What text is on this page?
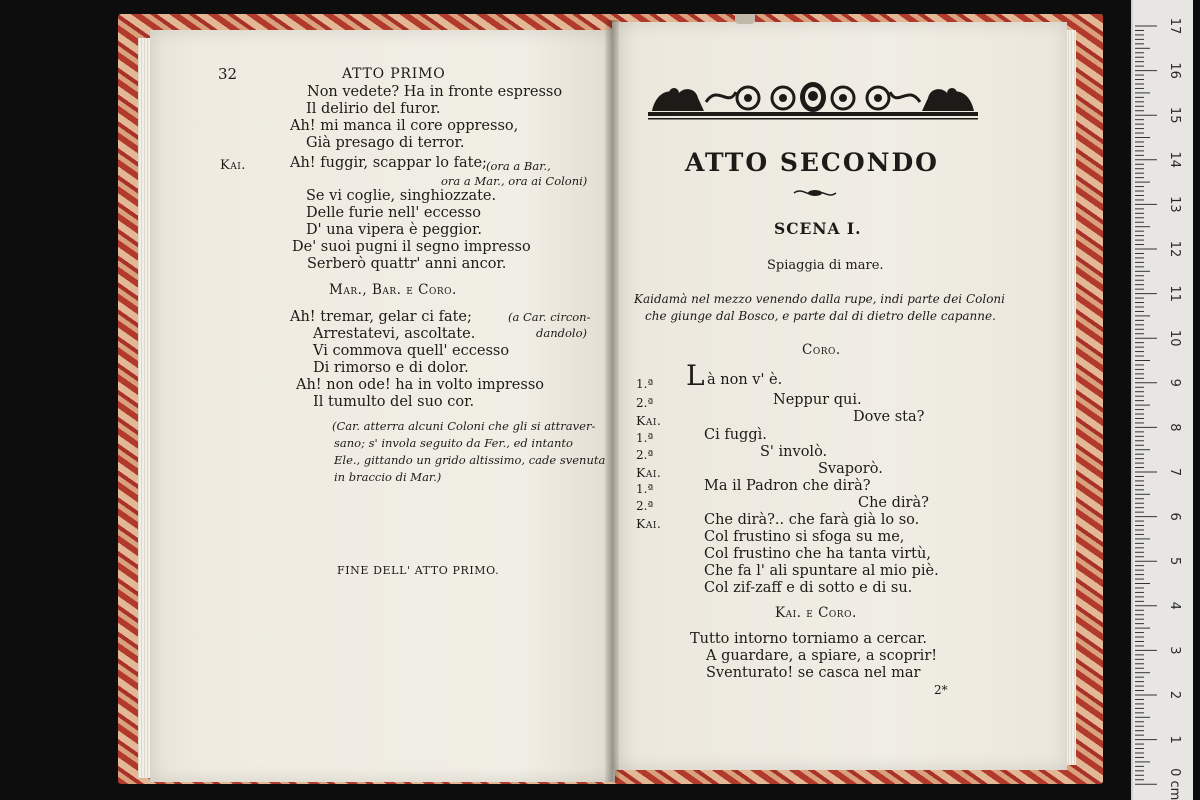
32	ATTO PRIMO
Non vedete? Ha in fronte espresso
Il delirio del furor.
Ah! mi manca il core oppresso,
Già presago di terror.
Kai.	Ah! fuggir, scappar lo fate; (ora a Bar.,
ora a Mar., ora ai Coloni)
Se vi coglie, singhiozzate.
Delle furie nell' eccesso
D' una vipera è peggior.
De' suoi pugni il segno impresso
Serberò quattr' anni ancor.
Mar., Bar. e Coro.
Ah! tremar, gelar ci fate;	(a Car. circon-
Arrestatevi, ascoltate.	dandolo)
Vi commova quell' eccesso
Di rimorso e di dolor.
Ah! non ode! ha in volto impresso
Il tumulto del suo cor.
(Car. atterra alcuni Coloni che gli si attraver-
sano; s' invola seguito da Fer., ed intanto
Ele., gittando un grido altissimo, cade svenuta
in braccio di Mar.)
FINE DELL' ATTO PRIMO.
ATTO SECONDO
SCENA I.
Spiaggia di mare.
Kaidamà nel mezzo venendo dalla rupe, indi parte dei Coloni
che giunge dal Bosco, e parte dal di dietro delle capanne.
Coro.
1.ª L à non v' è.
2.ª	Neppur qui.
Kai.	Dove sta?
1.ª	Ci fuggì.
2.ª	S' involò.
Kai.	Svaporò.
1.ª	Ma il Padron che dirà?
2.ª	Che dirà?
Kai.	Che dirà?.. che farà già lo so.
Col frustino si sfoga su me,
Col frustino che ha tanta virtù,
Che fa l' ali spuntare al mio piè.
Col zif-zaff e di sotto e di su.
Kai. e Coro.
Tutto intorno torniamo a cercar.
A guardare, a spiare, a scoprir!
Sventurato! se casca nel mar
2*
17
16
15
14
13
12
11
10
9
8
7
6
5
4
3
2
1
0 cm
